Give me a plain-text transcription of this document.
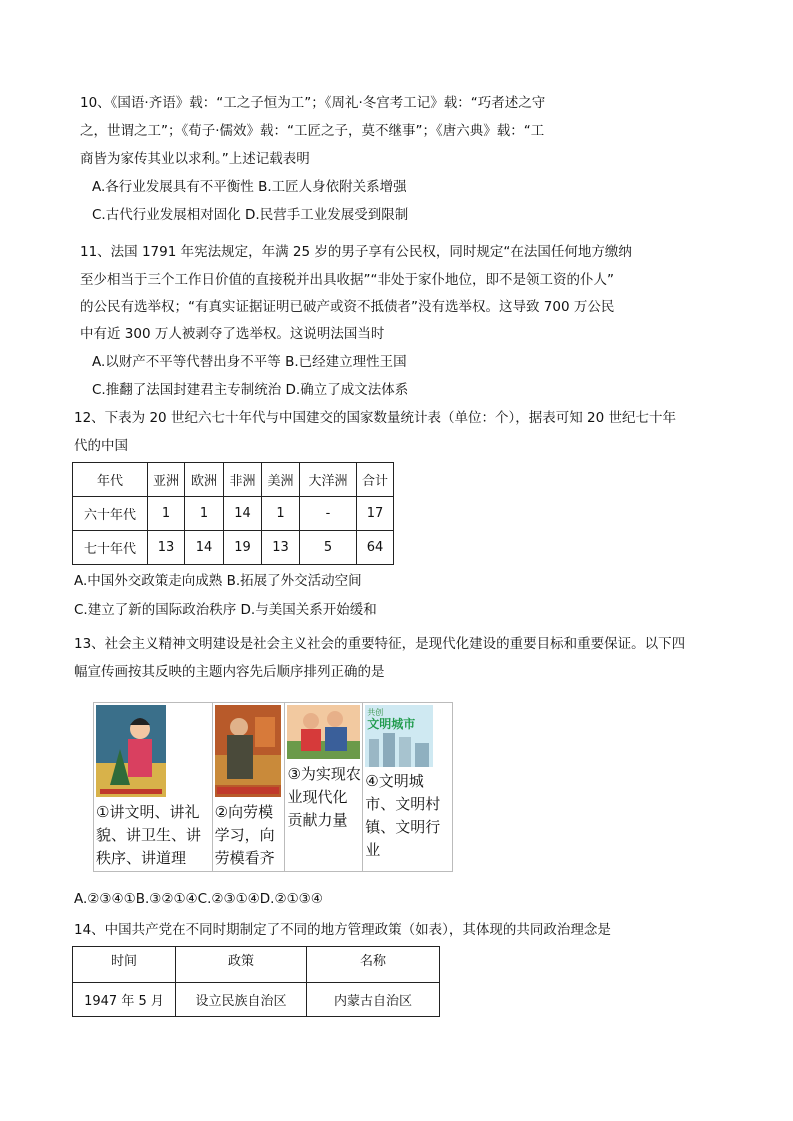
10、《国语·齐语》载：“工之子恒为工”；《周礼·冬宫考工记》载：“巧者述之守
之，世谓之工”；《荀子·儒效》载：“工匠之子，莫不继事”；《唐六典》载：“工
商皆为家传其业以求利。”上述记载表明
A.各行业发展具有不平衡性 B.工匠人身依附关系增强
C.古代行业发展相对固化 D.民营手工业发展受到限制
11、法国 1791 年宪法规定，年满 25 岁的男子享有公民权，同时规定“在法国任何地方缴纳
至少相当于三个工作日价值的直接税并出具收据”“非处于家仆地位，即不是领工资的仆人”
的公民有选举权；“有真实证据证明已破产或资不抵债者”没有选举权。这导致 700 万公民
中有近 300 万人被剥夺了选举权。这说明法国当时
A.以财产不平等代替出身不平等 B.已经建立理性王国
C.推翻了法国封建君主专制统治 D.确立了成文法体系
12、下表为 20 世纪六七十年代与中国建交的国家数量统计表（单位：个），据表可知 20 世纪七十年
代的中国
年代	亚洲	欧洲	非洲	美洲	大洋洲	合计
六十年代	1	1	14	1	-	17
七十年代	13	14	19	13	5	64
A.中国外交政策走向成熟 B.拓展了外交活动空间
C.建立了新的国际政治秩序 D.与美国关系开始缓和
13、社会主义精神文明建设是社会主义社会的重要特征，是现代化建设的重要目标和重要保证。以下四
幅宣传画按其反映的主题内容先后顺序排列正确的是
①讲文明、讲礼貌、讲卫生、讲秩序、讲道理
②向劳模学习，向劳模看齐
③为实现农业现代化贡献力量
共创
文明城市
④文明城市、文明村镇、文明行业
A.②③④①B.③②①④C.②③①④D.②①③④
14、中国共产党在不同时期制定了不同的地方管理政策（如表），其体现的共同政治理念是
时间	政策	名称
1947 年 5 月	设立民族自治区	内蒙古自治区
